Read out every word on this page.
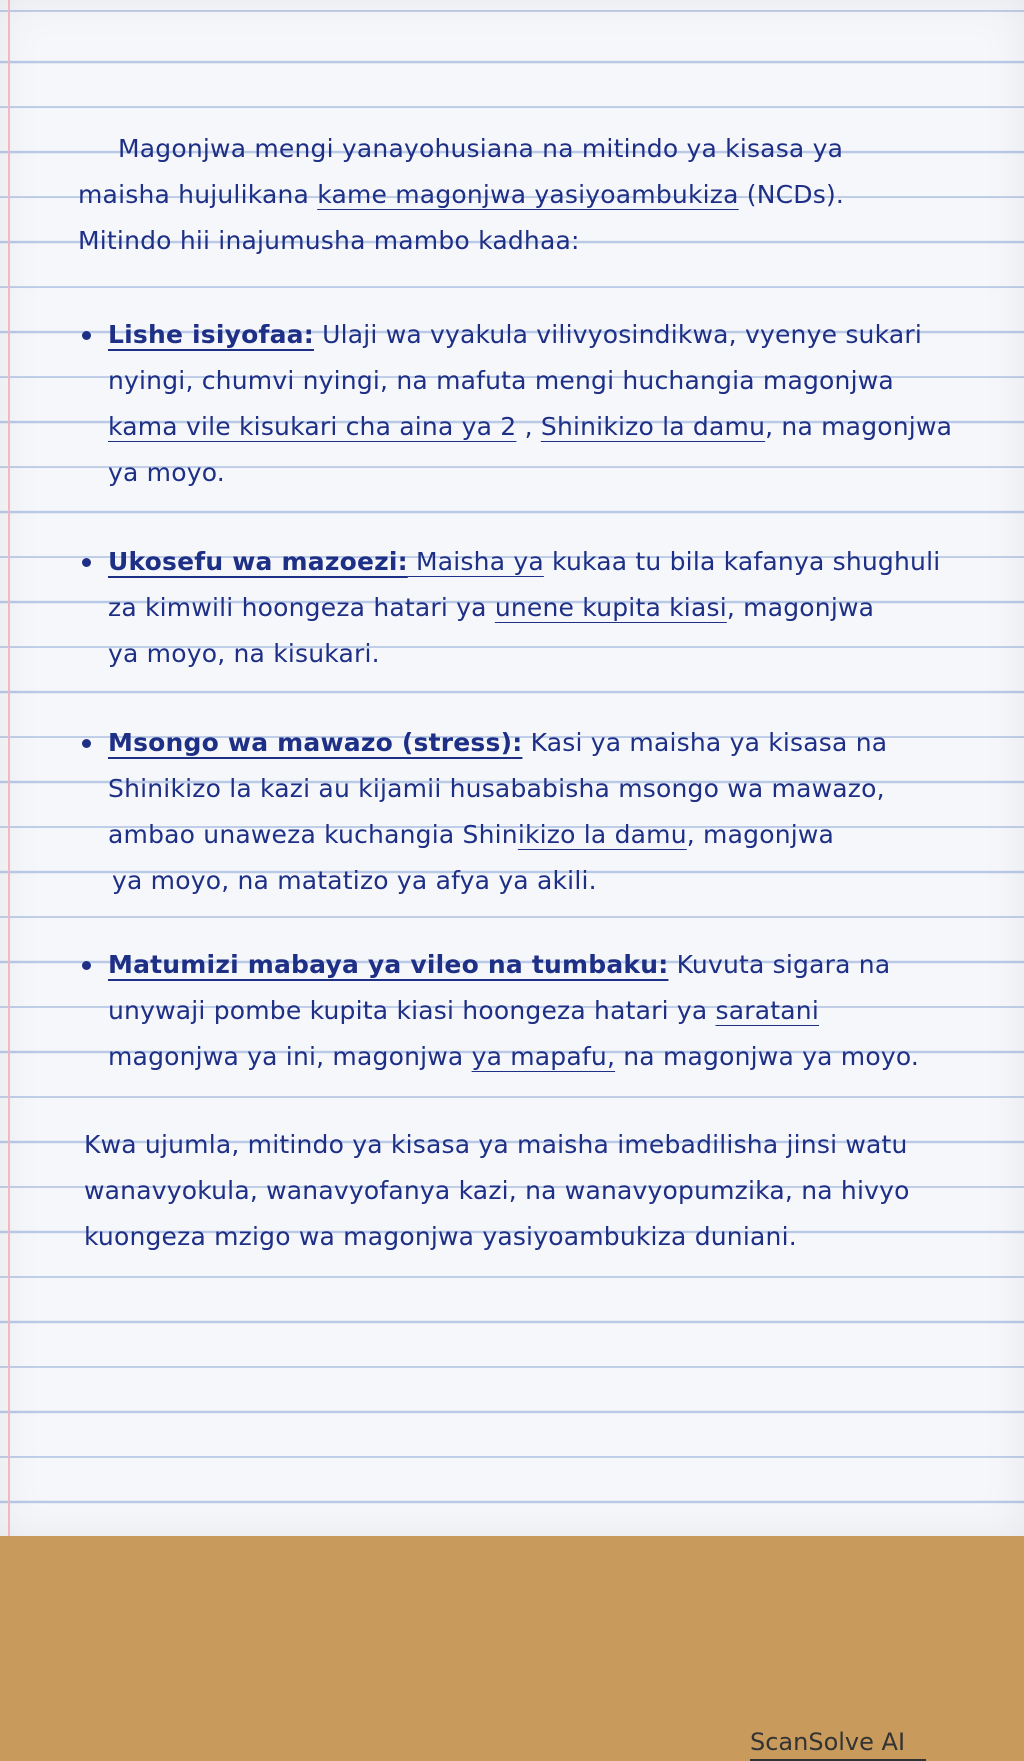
Magonjwa mengi yanayohusiana na mitindo ya kisasa ya
maisha hujulikana kame magonjwa yasiyoambukiza (NCDs).
Mitindo hii inajumusha mambo kadhaa:
Lishe isiyofaa: Ulaji wa vyakula vilivyosindikwa, vyenye sukari
nyingi, chumvi nyingi, na mafuta mengi huchangia magonjwa
kama vile kisukari cha aina ya 2 , Shinikizo la damu, na magonjwa
ya moyo.
Ukosefu wa mazoezi: Maisha ya kukaa tu bila kafanya shughuli
za kimwili hoongeza hatari ya unene kupita kiasi, magonjwa
ya moyo, na kisukari.
Msongo wa mawazo (stress): Kasi ya maisha ya kisasa na
Shinikizo la kazi au kijamii husababisha msongo wa mawazo,
ambao unaweza kuchangia Shinikizo la damu, magonjwa
ya moyo, na matatizo ya afya ya akili.
Matumizi mabaya ya vileo na tumbaku: Kuvuta sigara na
unywaji pombe kupita kiasi hoongeza hatari ya saratani
magonjwa ya ini, magonjwa ya mapafu, na magonjwa ya moyo.
Kwa ujumla, mitindo ya kisasa ya maisha imebadilisha jinsi watu
wanavyokula, wanavyofanya kazi, na wanavyopumzika, na hivyo
kuongeza mzigo wa magonjwa yasiyoambukiza duniani.
ScanSolve AI
